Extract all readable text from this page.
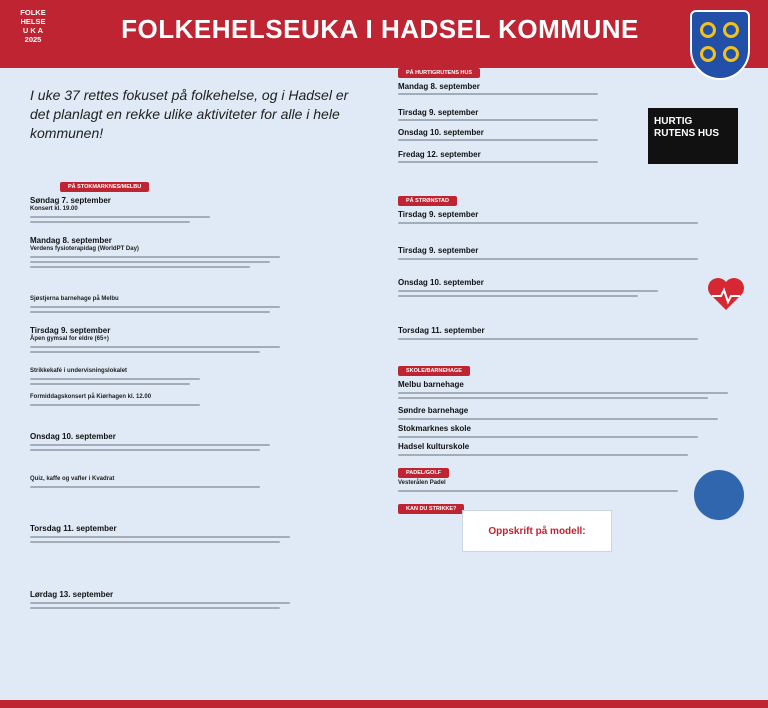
FOLKE
HELSE
U K A
2025	FOLKEHELSEUKA I HADSEL KOMMUNE
I uke 37 rettes fokuset på folkehelse, og i Hadsel er det planlagt en rekke ulike aktiviteter for alle i hele kommunen!
PÅ STOKMARKNES/MELBU
Søndag 7. september
Konsert kl. 19.00
Mandag 8. september
Verdens fysioterapidag (WorldPT Day)
Sjøstjerna barnehage på Melbu
Tirsdag 9. september
Åpen gymsal for eldre (65+)
Strikkekafé i undervisningslokalet
Formiddagskonsert på Kiørhagen kl. 12.00
Onsdag 10. september
Quiz, kaffe og vafler i Kvadrat
Torsdag 11. september
Lørdag 13. september
PÅ HURTIGRUTENS HUS
Mandag 8. september
Tirsdag 9. september
Onsdag 10. september
Fredag 12. september
HURTIG RUTENS HUS
PÅ STRØNSTAD
Tirsdag 9. september
Tirsdag 9. september
Onsdag 10. september
Torsdag 11. september
SKOLE/BARNEHAGE
Melbu barnehage
Søndre barnehage
Stokmarknes skole
Hadsel kulturskole
PADEL/GOLF
Vesterålen Padel
KAN DU STRIKKE?
Oppskrift på modell:
